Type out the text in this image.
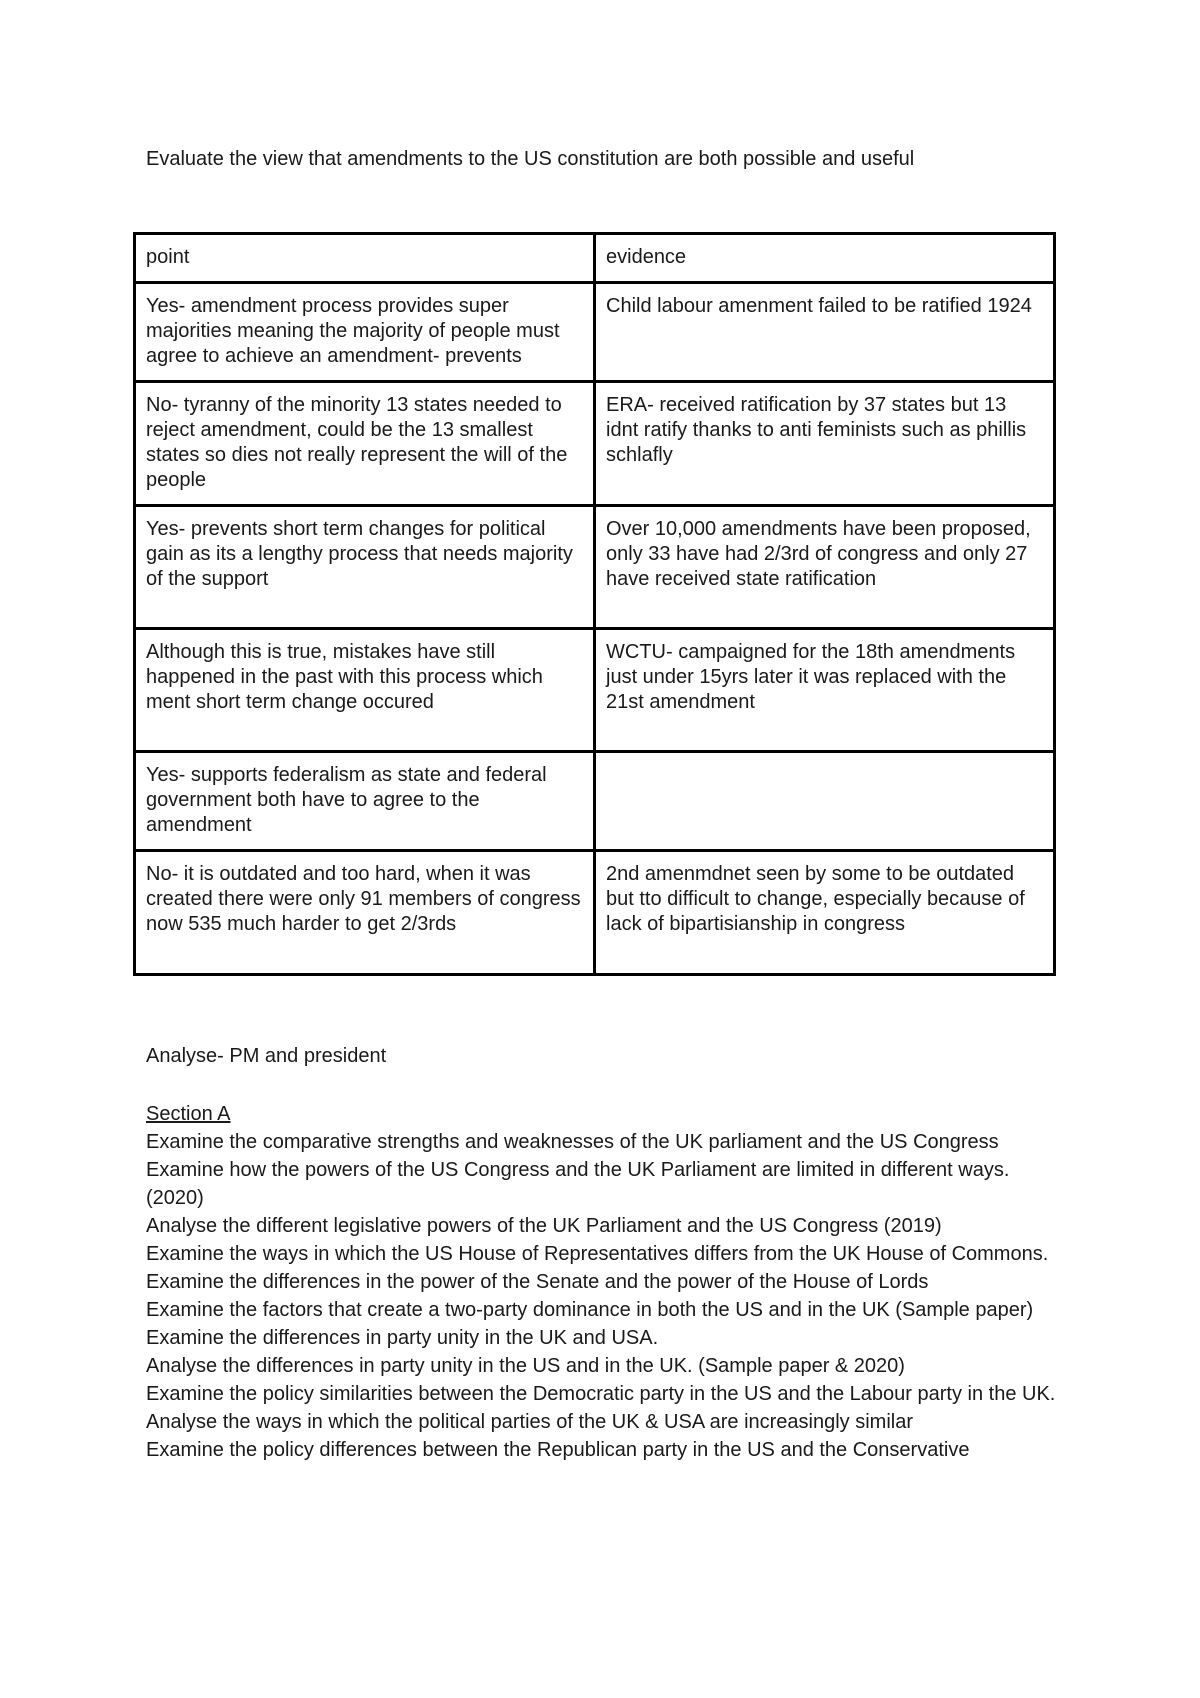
Evaluate the view that amendments to the US constitution are both possible and useful
point	evidence
Yes- amendment process provides super majorities meaning the majority of people must agree to achieve an amendment- prevents	Child labour amenment failed to be ratified 1924
No- tyranny of the minority 13 states needed to reject amendment, could be the 13 smallest states so dies not really represent the will of the people	ERA- received ratification by 37 states but 13 idnt ratify thanks to anti feminists such as phillis schlafly
Yes- prevents short term changes for political gain as its a lengthy process that needs majority of the support	Over 10,000 amendments have been proposed, only 33 have had 2/3rd of congress and only 27 have received state ratification
Although this is true, mistakes have still happened in the past with this process which ment short term change occured	WCTU- campaigned for the 18th amendments just under 15yrs later it was replaced with the 21st amendment
Yes- supports federalism as state and federal government both have to agree to the amendment	
No- it is outdated and too hard, when it was created there were only 91 members of congress now 535 much harder to get 2/3rds	2nd amenmdnet seen by some to be outdated but tto difficult to change, especially because of lack of bipartisianship in congress
Analyse- PM and president
Section A
Examine the comparative strengths and weaknesses of the UK parliament and the US Congress
Examine how the powers of the US Congress and the UK Parliament are limited in different ways. (2020)
Analyse the different legislative powers of the UK Parliament and the US Congress (2019)
Examine the ways in which the US House of Representatives differs from the UK House of Commons.
Examine the differences in the power of the Senate and the power of the House of Lords
Examine the factors that create a two-party dominance in both the US and in the UK (Sample paper)
Examine the differences in party unity in the UK and USA.
Analyse the differences in party unity in the US and in the UK. (Sample paper & 2020)
Examine the policy similarities between the Democratic party in the US and the Labour party in the UK.
Analyse the ways in which the political parties of the UK & USA are increasingly similar
Examine the policy differences between the Republican party in the US and the Conservative
